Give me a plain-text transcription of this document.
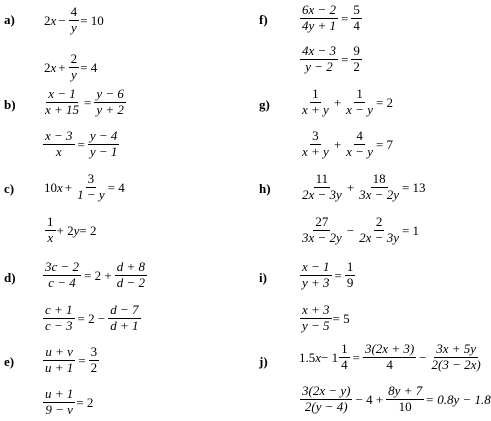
a) 2 $x - \frac{4}{y} = 10$
2 $x + \frac{2}{y} = 4$
$b) \frac{x - 1}{x + 15} = \frac{y - 6}{y + 2}$
$\frac{x - 3}{x} = \frac{y - 4}{y - 1}$
c) 10 $x + \frac{3}{1 - y} = 4$
$\frac{1}{x} + 2$ y = 2
$d) \frac{3c - 2}{c - 4} = 2 + \frac{d + 8}{d - 2}$
$\frac{c + 1}{c - 3} = 2 - \frac{d - 7}{d + 1}$
$e) \frac{u + v}{u + 1} = \frac{3}{2}$
$\frac{u + 1}{9 - v} = 2$
$f) \frac{6x - 2}{4y + 1} = \frac{5}{4}$
$\frac{4x - 3}{y - 2} = \frac{9}{2}$
$g) \frac{1}{x + y} + \frac{1}{x - y} = 2$
$\frac{3}{x + y} + \frac{4}{x - y} = 7$
$h) \frac{11}{2x - 3y} + \frac{18}{3x - 2y} = 13$
$\frac{27}{3x - 2y} - \frac{2}{2x - 3y} = 1$
i)	$\frac{x - 1}{y + 3} = \frac{1}{9}$
$\frac{x + 3}{y - 5} = 5$
j) 1.5 $x - 1 \frac{1}{4} = \frac{3(2x + 3)}{4} - \frac{3x + 5y}{2(3 - 2x)}$
$\frac{3(2x - y)}{2(y - 4)} - 4 + \frac{8y + 7}{10} = 0.8y - 1.8$
